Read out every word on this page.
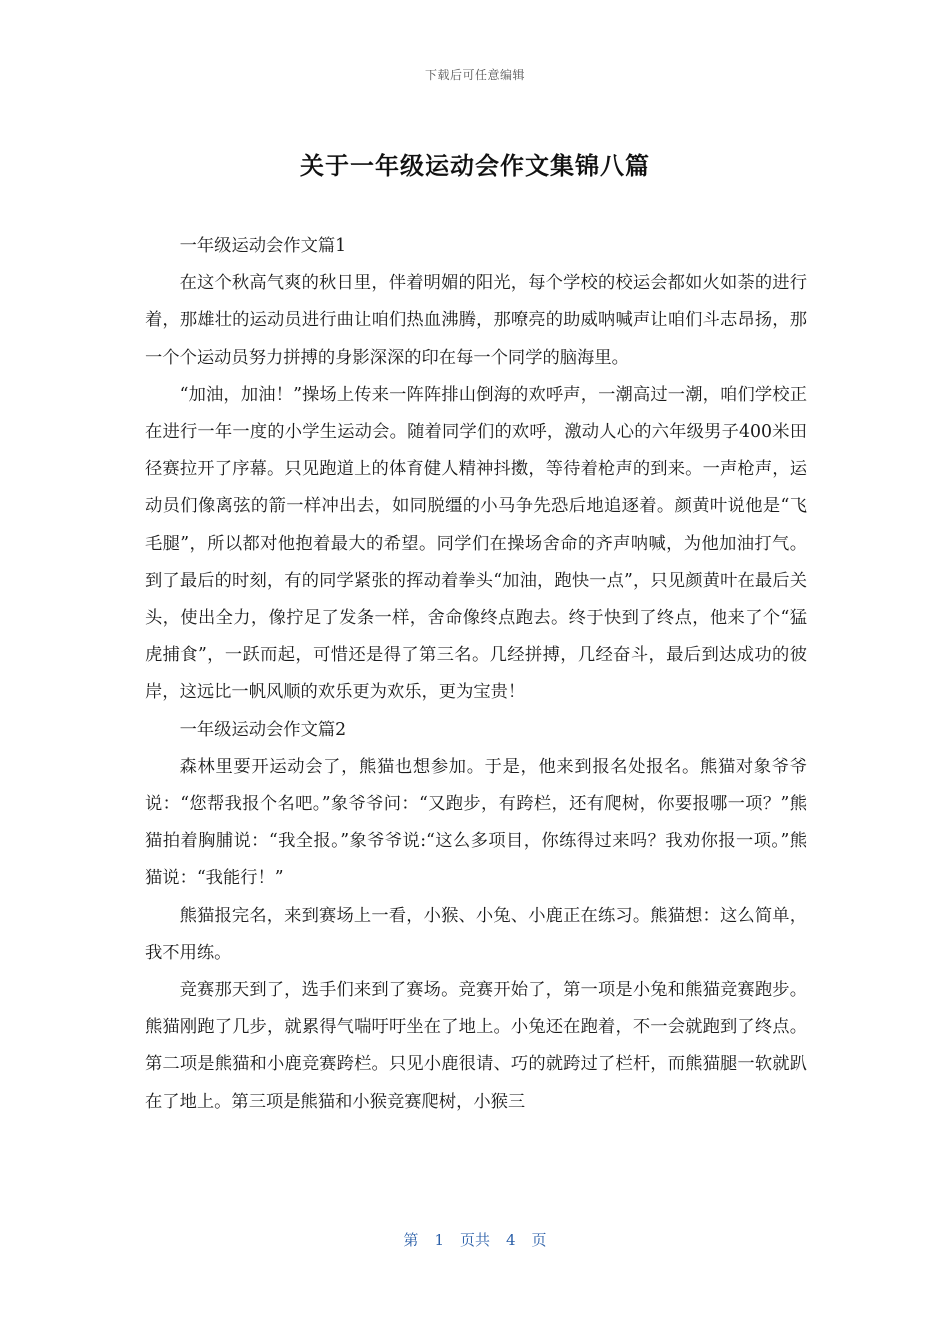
下载后可任意编辑
关于一年级运动会作文集锦八篇

一年级运动会作文篇1

在这个秋高气爽的秋日里，伴着明媚的阳光，每个学校的校运会都如火如荼的进行着，那雄壮的运动员进行曲让咱们热血沸腾，那嘹亮的助威呐喊声让咱们斗志昂扬，那一个个运动员努力拼搏的身影深深的印在每一个同学的脑海里。

“加油，加油！”操场上传来一阵阵排山倒海的欢呼声，一潮高过一潮，咱们学校正在进行一年一度的小学生运动会。随着同学们的欢呼，激动人心的六年级男子400米田径赛拉开了序幕。只见跑道上的体育健人精神抖擞，等待着枪声的到来。一声枪声，运动员们像离弦的箭一样冲出去，如同脱缰的小马争先恐后地追逐着。颜黄叶说他是“飞毛腿”，所以都对他抱着最大的希望。同学们在操场舍命的齐声呐喊，为他加油打气。到了最后的时刻，有的同学紧张的挥动着拳头“加油，跑快一点”，只见颜黄叶在最后关头，使出全力，像拧足了发条一样，舍命像终点跑去。终于快到了终点，他来了个“猛虎捕食”，一跃而起，可惜还是得了第三名。几经拼搏，几经奋斗，最后到达成功的彼岸，这远比一帆风顺的欢乐更为欢乐，更为宝贵！

一年级运动会作文篇2

森林里要开运动会了，熊猫也想参加。于是，他来到报名处报名。熊猫对象爷爷说：“您帮我报个名吧。”象爷爷问：“又跑步，有跨栏，还有爬树，你要报哪一项？”熊猫拍着胸脯说：“我全报。”象爷爷说:“这么多项目，你练得过来吗？我劝你报一项。”熊猫说：“我能行！”

熊猫报完名，来到赛场上一看，小猴、小兔、小鹿正在练习。熊猫想：这么简单，我不用练。

竞赛那天到了，选手们来到了赛场。竞赛开始了，第一项是小兔和熊猫竞赛跑步。熊猫刚跑了几步，就累得气喘吁吁坐在了地上。小兔还在跑着，不一会就跑到了终点。第二项是熊猫和小鹿竞赛跨栏。只见小鹿很请、巧的就跨过了栏杆，而熊猫腿一软就趴在了地上。第三项是熊猫和小猴竞赛爬树，小猴三

第 1 页共 4 页
